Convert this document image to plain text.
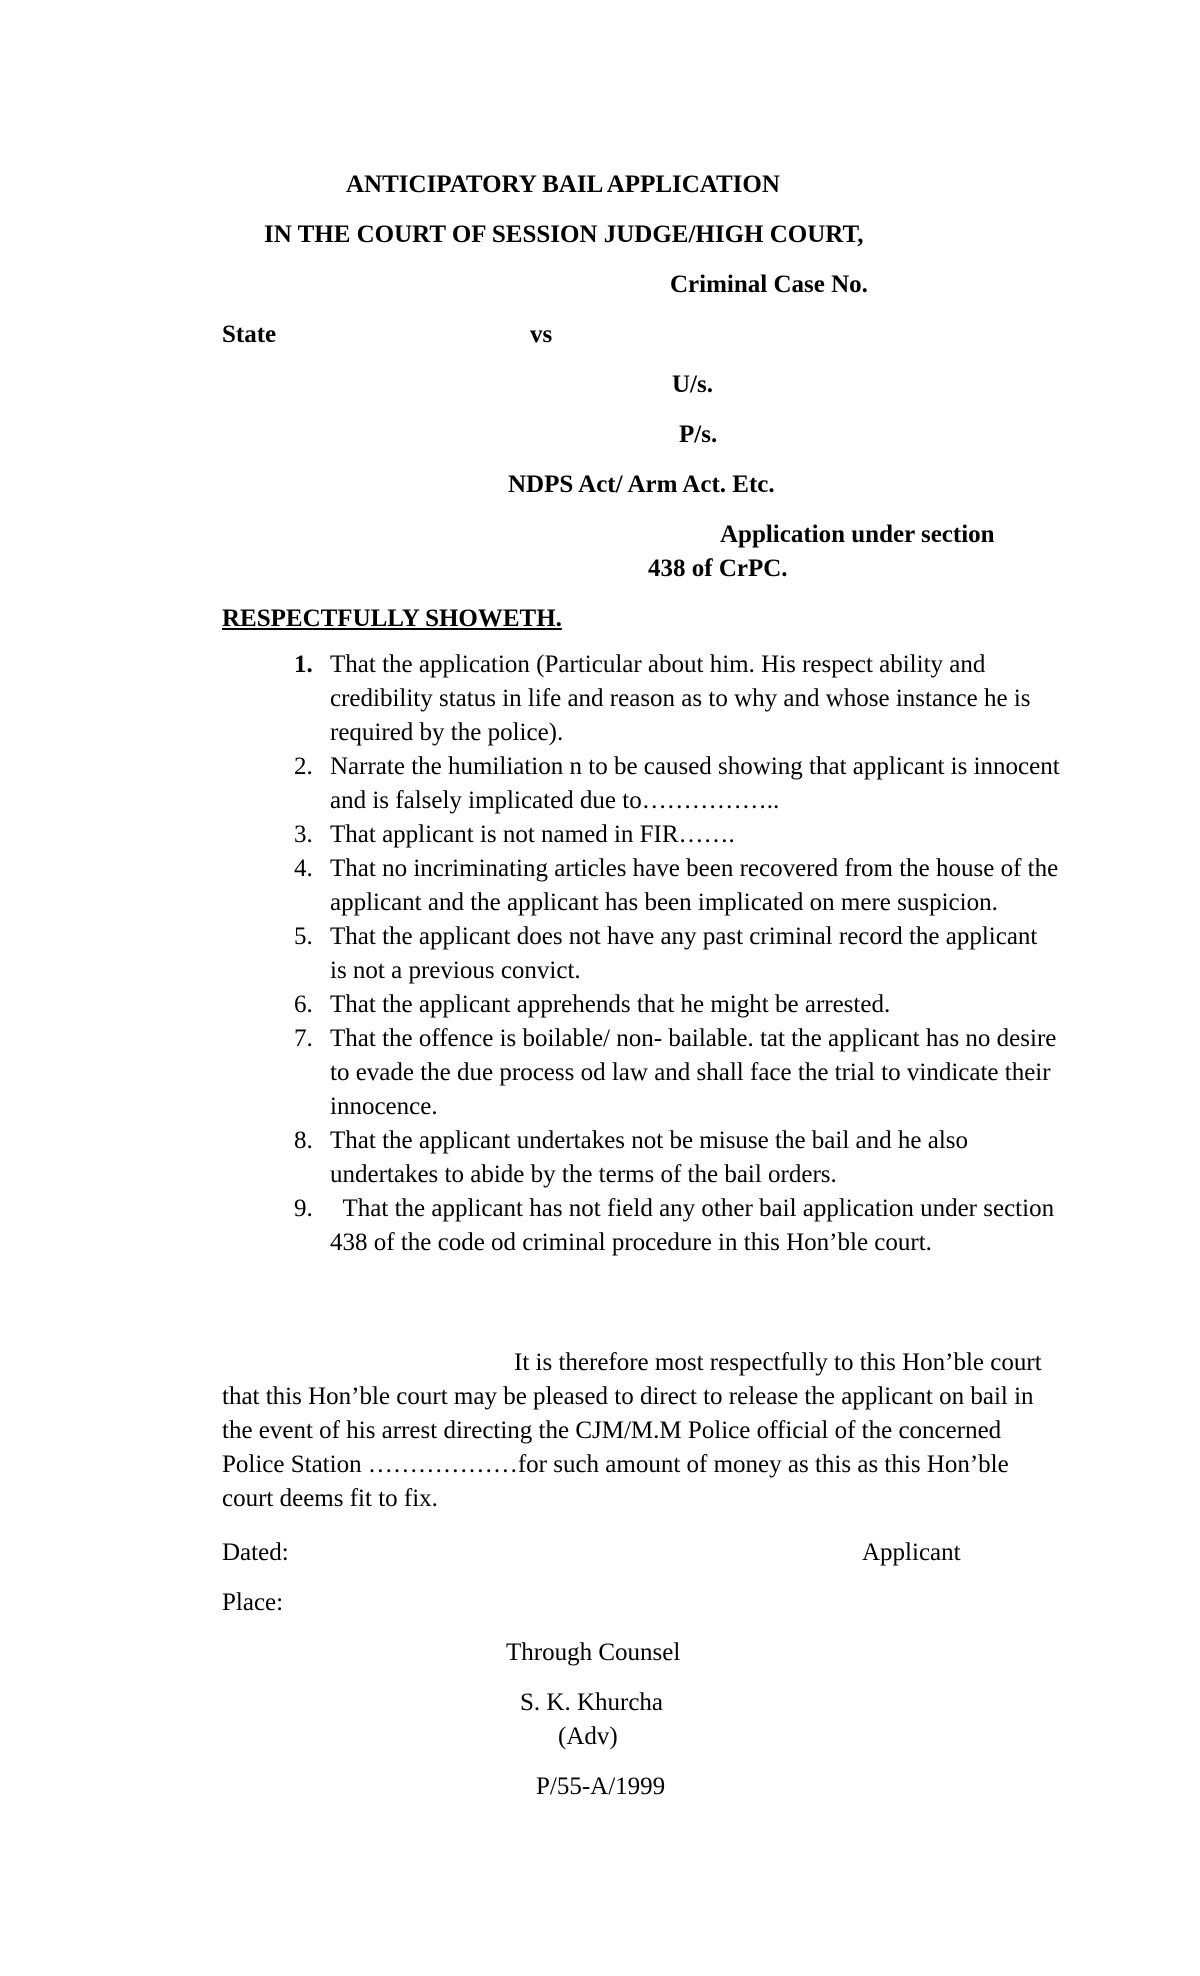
ANTICIPATORY BAIL APPLICATION
IN THE COURT OF SESSION JUDGE/HIGH COURT,
Criminal Case No.
State	vs
U/s.
P/s.
NDPS Act/ Arm Act. Etc.
Application under section
438 of CrPC.
RESPECTFULLY SHOWETH.
1. That the application (Particular about him. His respect ability and credibility status in life and reason as to why and whose instance he is required by the police).
2. Narrate the humiliation n to be caused showing that applicant is innocent and is falsely implicated due to……………..
3. That applicant is not named in FIR…….
4. That no incriminating articles have been recovered from the house of the applicant and the applicant has been implicated on mere suspicion.
5. That the applicant does not have any past criminal record the applicant is not a previous convict.
6. That the applicant apprehends that he might be arrested.
7. That the offence is boilable/ non- bailable. tat the applicant has no desire to evade the due process od law and shall face the trial to vindicate their innocence.
8. That the applicant undertakes not be misuse the bail and he also undertakes to abide by the terms of the bail orders.
9. That the applicant has not field any other bail application under section 438 of the code od criminal procedure in this Hon’ble court.
It is therefore most respectfully to this Hon’ble court that this Hon’ble court may be pleased to direct to release the applicant on bail in the event of his arrest directing the CJM/M.M Police official of the concerned Police Station ………………for such amount of money as this as this Hon’ble court deems fit to fix.
Dated:	Applicant
Place:
Through Counsel
S. K. Khurcha
(Adv)
P/55-A/1999
